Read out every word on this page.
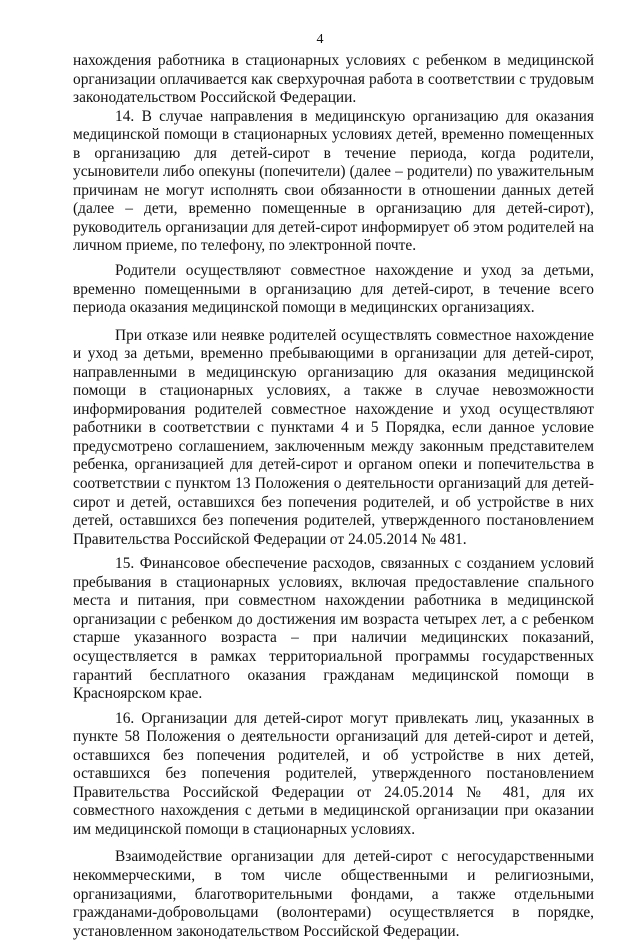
4

нахождения работника в стационарных условиях с ребенком в медицинской организации оплачивается как сверхурочная работа в соответствии с трудовым законодательством Российской Федерации.

14. В случае направления в медицинскую организацию для оказания медицинской помощи в стационарных условиях детей, временно помещенных в организацию для детей-сирот в течение периода, когда родители, усыновители либо опекуны (попечители) (далее – родители) по уважительным причинам не могут исполнять свои обязанности в отношении данных детей (далее – дети, временно помещенные в организацию для детей-сирот), руководитель организации для детей-сирот информирует об этом родителей на личном приеме, по телефону, по электронной почте.

Родители осуществляют совместное нахождение и уход за детьми, временно помещенными в организацию для детей-сирот, в течение всего периода оказания медицинской помощи в медицинских организациях.

При отказе или неявке родителей осуществлять совместное нахождение и уход за детьми, временно пребывающими в организации для детей-сирот, направленными в медицинскую организацию для оказания медицинской помощи в стационарных условиях, а также в случае невозможности информирования родителей совместное нахождение и уход осуществляют работники в соответствии с пунктами 4 и 5 Порядка, если данное условие предусмотрено соглашением, заключенным между законным представителем ребенка, организацией для детей-сирот и органом опеки и попечительства в соответствии с пунктом 13 Положения о деятельности организаций для детей-сирот и детей, оставшихся без попечения родителей, и об устройстве в них детей, оставшихся без попечения родителей, утвержденного постановлением Правительства Российской Федерации от 24.05.2014 № 481.

15. Финансовое обеспечение расходов, связанных с созданием условий пребывания в стационарных условиях, включая предоставление спального места и питания, при совместном нахождении работника в медицинской организации с ребенком до достижения им возраста четырех лет, а с ребенком старше указанного возраста – при наличии медицинских показаний, осуществляется в рамках территориальной программы государственных гарантий бесплатного оказания гражданам медицинской помощи в Красноярском крае.

16. Организации для детей-сирот могут привлекать лиц, указанных в пункте 58 Положения о деятельности организаций для детей-сирот и детей, оставшихся без попечения родителей, и об устройстве в них детей, оставшихся без попечения родителей, утвержденного постановлением Правительства Российской Федерации от 24.05.2014 № 481, для их совместного нахождения с детьми в медицинской организации при оказании им медицинской помощи в стационарных условиях.

Взаимодействие организации для детей-сирот с негосударственными некоммерческими, в том числе общественными и религиозными, организациями, благотворительными фондами, а также отдельными гражданами-добровольцами (волонтерами) осуществляется в порядке, установленном законодательством Российской Федерации.
